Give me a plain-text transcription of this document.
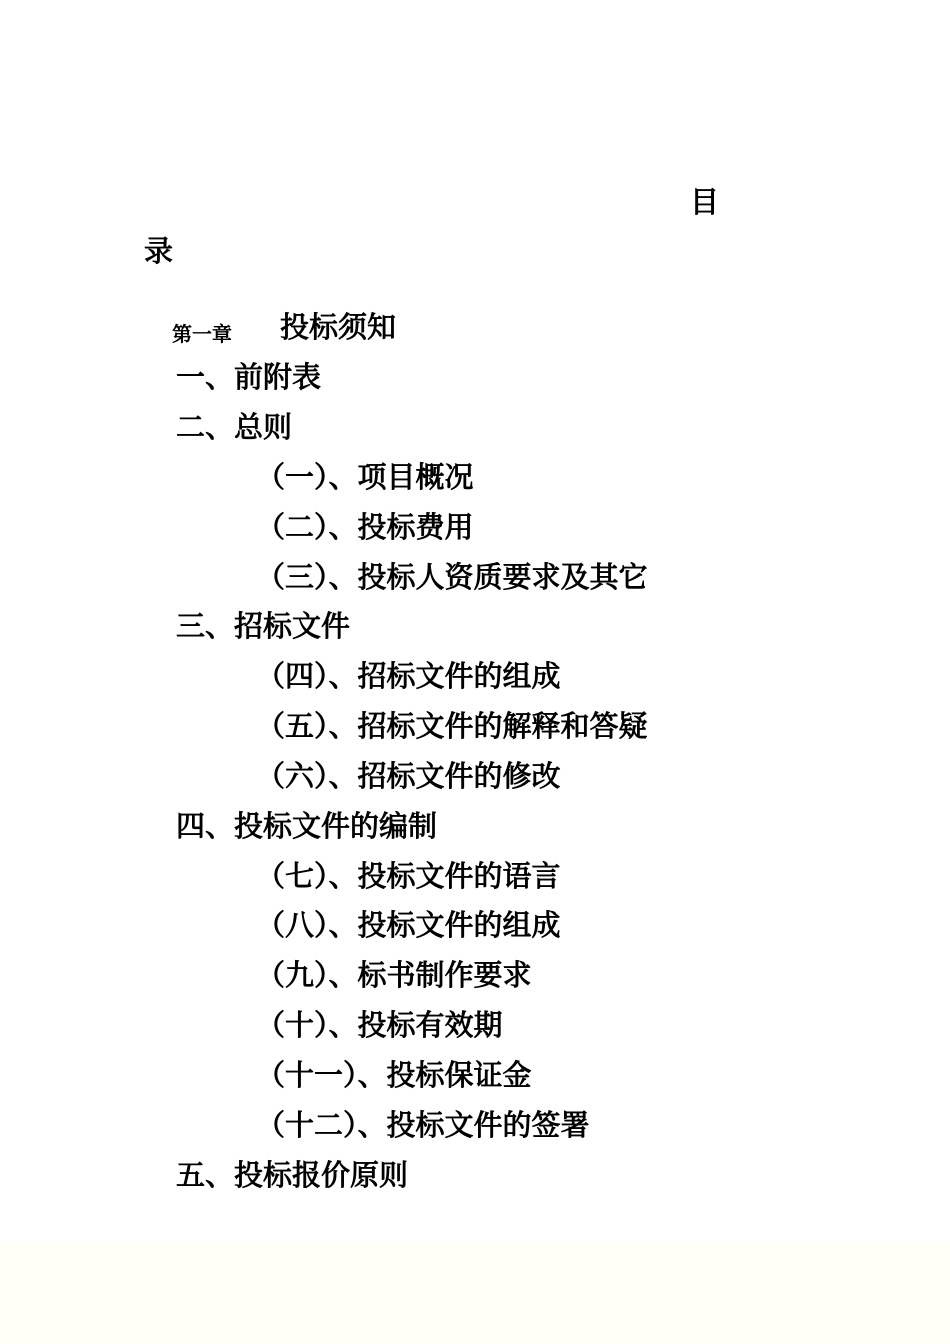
目
录
第一章 投标须知
一、前附表
二、总则
（一）、项目概况
（二）、投标费用
（三）、投标人资质要求及其它
三、招标文件
（四）、招标文件的组成
（五）、招标文件的解释和答疑
（六）、招标文件的修改
四、投标文件的编制
（七）、投标文件的语言
（八）、投标文件的组成
（九）、标书制作要求
（十）、投标有效期
（十一）、投标保证金
（十二）、投标文件的签署
五、投标报价原则
